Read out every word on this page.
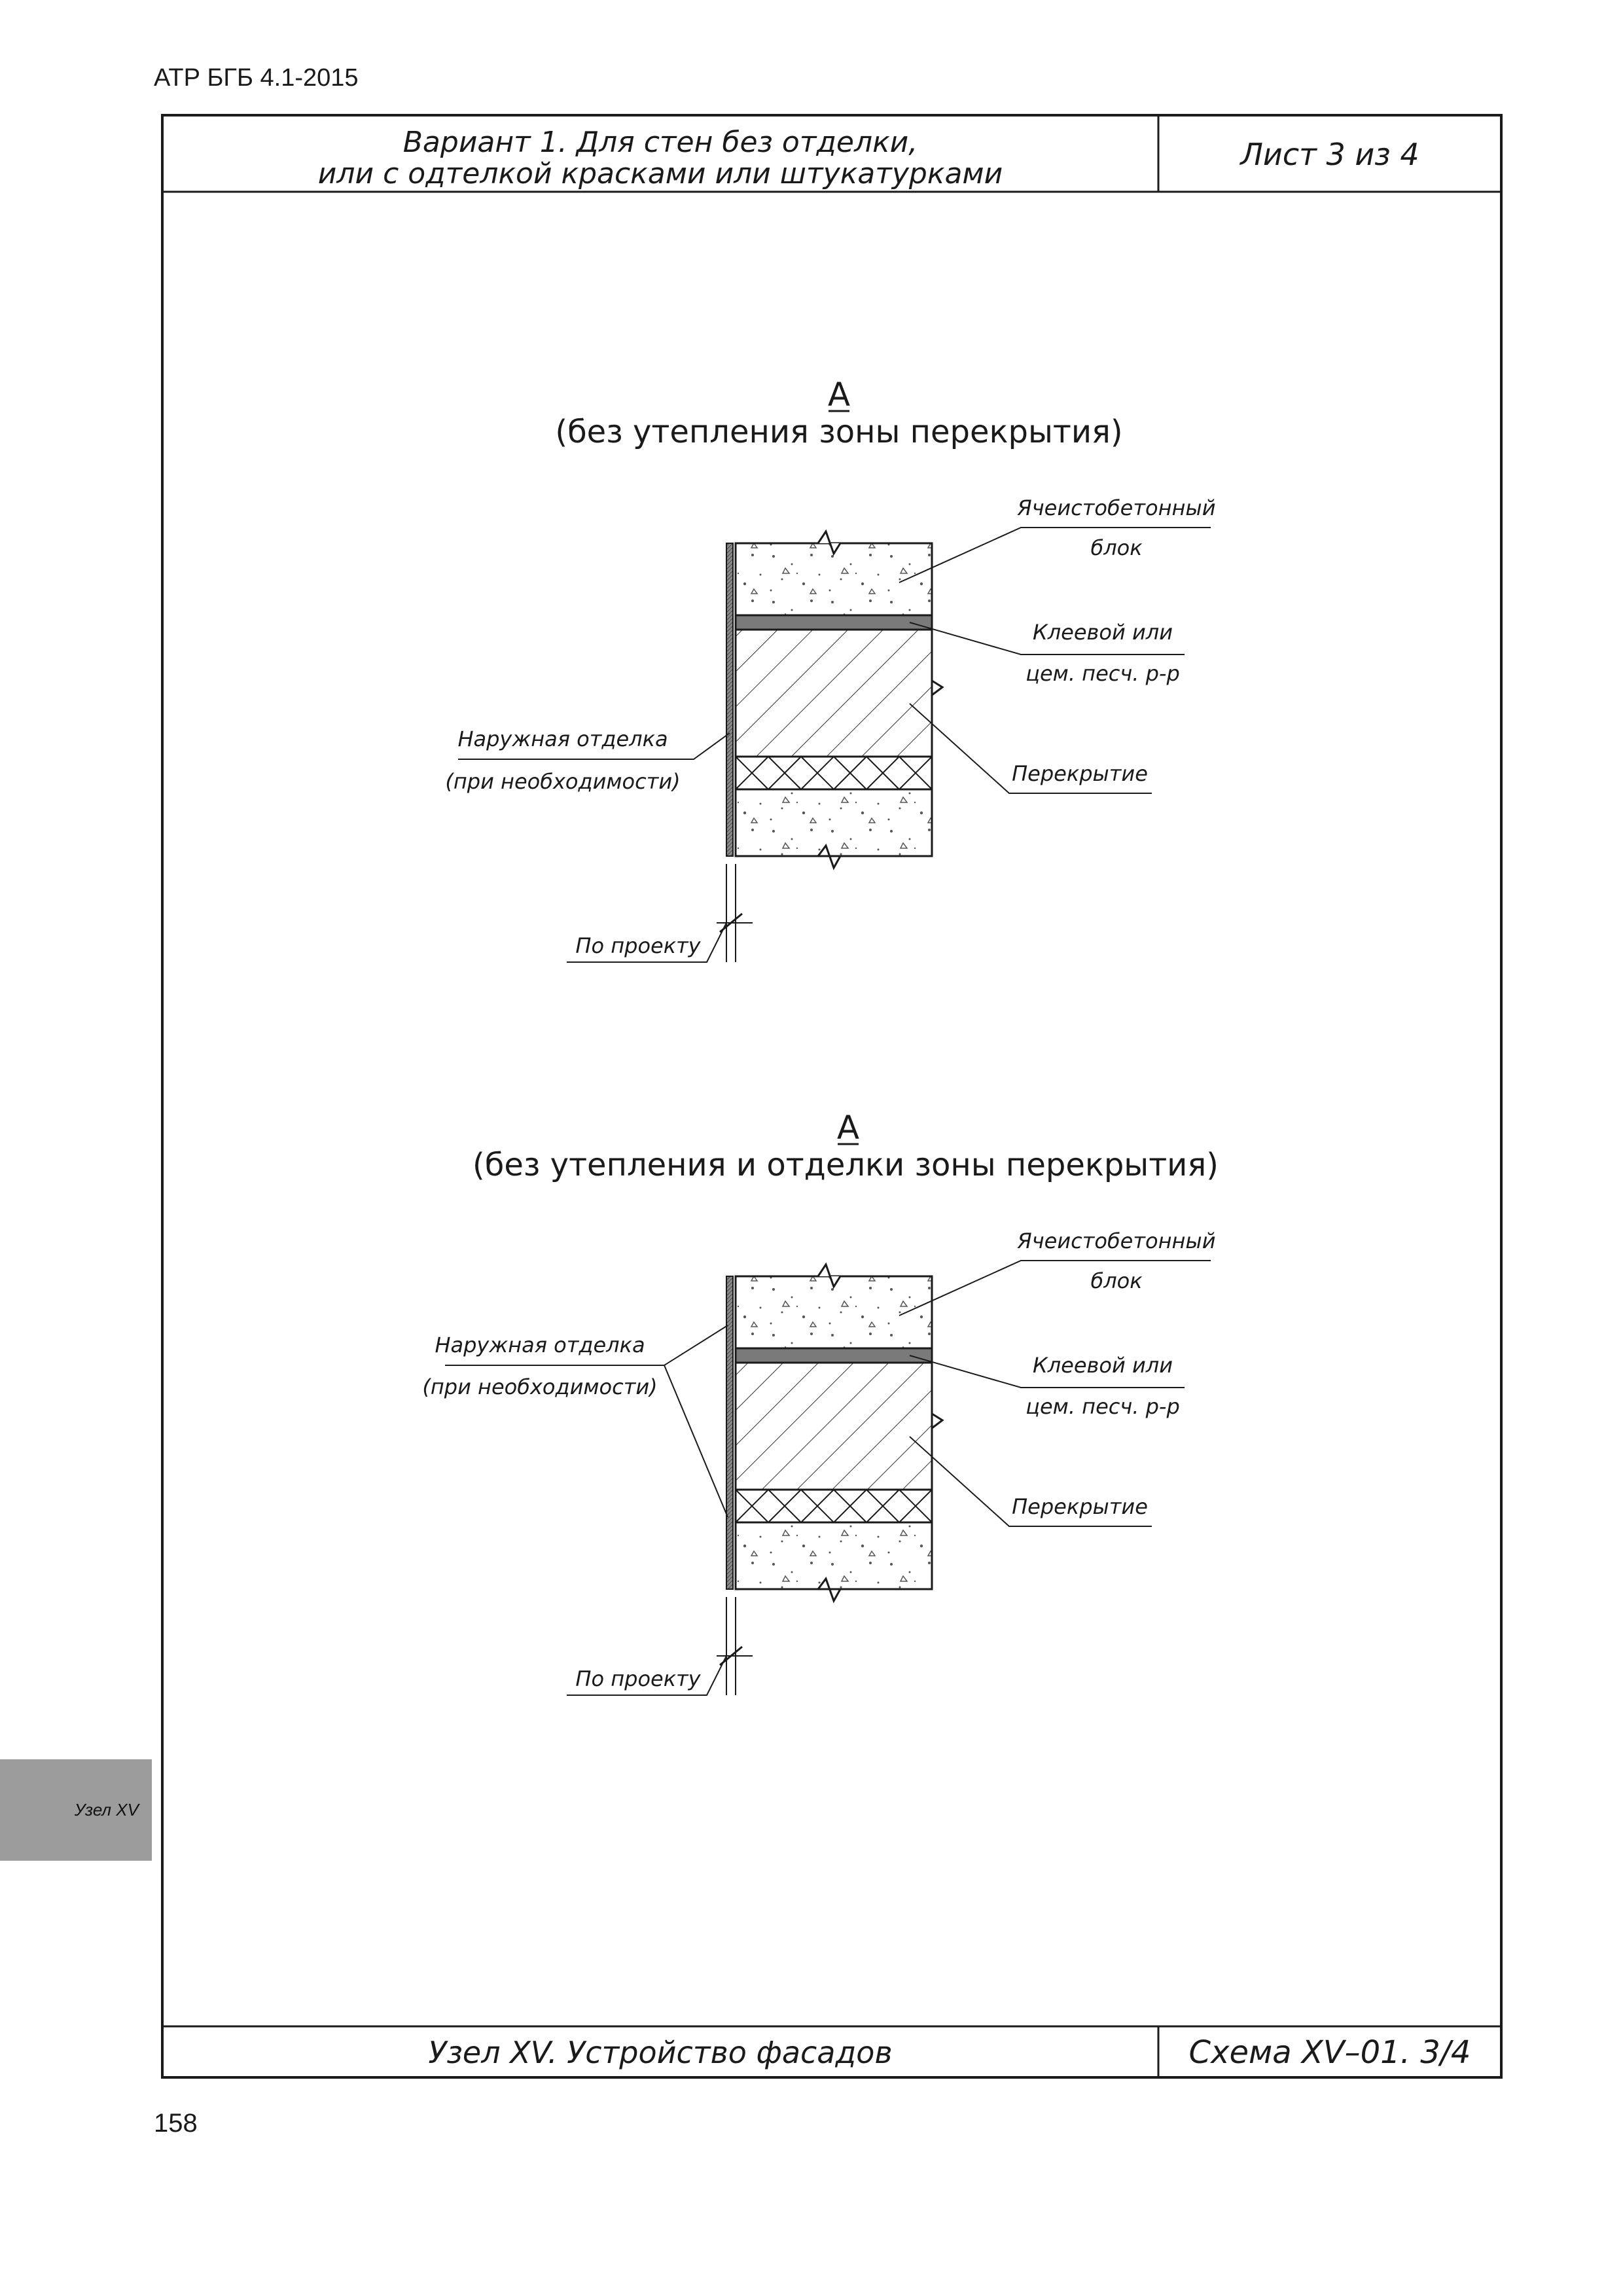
АТР БГБ 4.1-2015
Вариант 1. Для стен без отделки,
или с одтелкой красками или штукатурками
Лист 3 из 4
Узел XV. Устройство фасадов	Схема XV–01. 3/4
А
(без утепления зоны перекрытия)
Ячеистобетонный
блок
Клеевой или
цем. песч. р-р
Наружная отделка
(при необходимости)	Перекрытие
По проекту
А
(без утепления и отделки зоны перекрытия)
Ячеистобетонный
блок
Клеевой или
цем. песч. р-р
Наружная отделка
(при необходимости)
Перекрытие
По проекту
Узел XV
158
